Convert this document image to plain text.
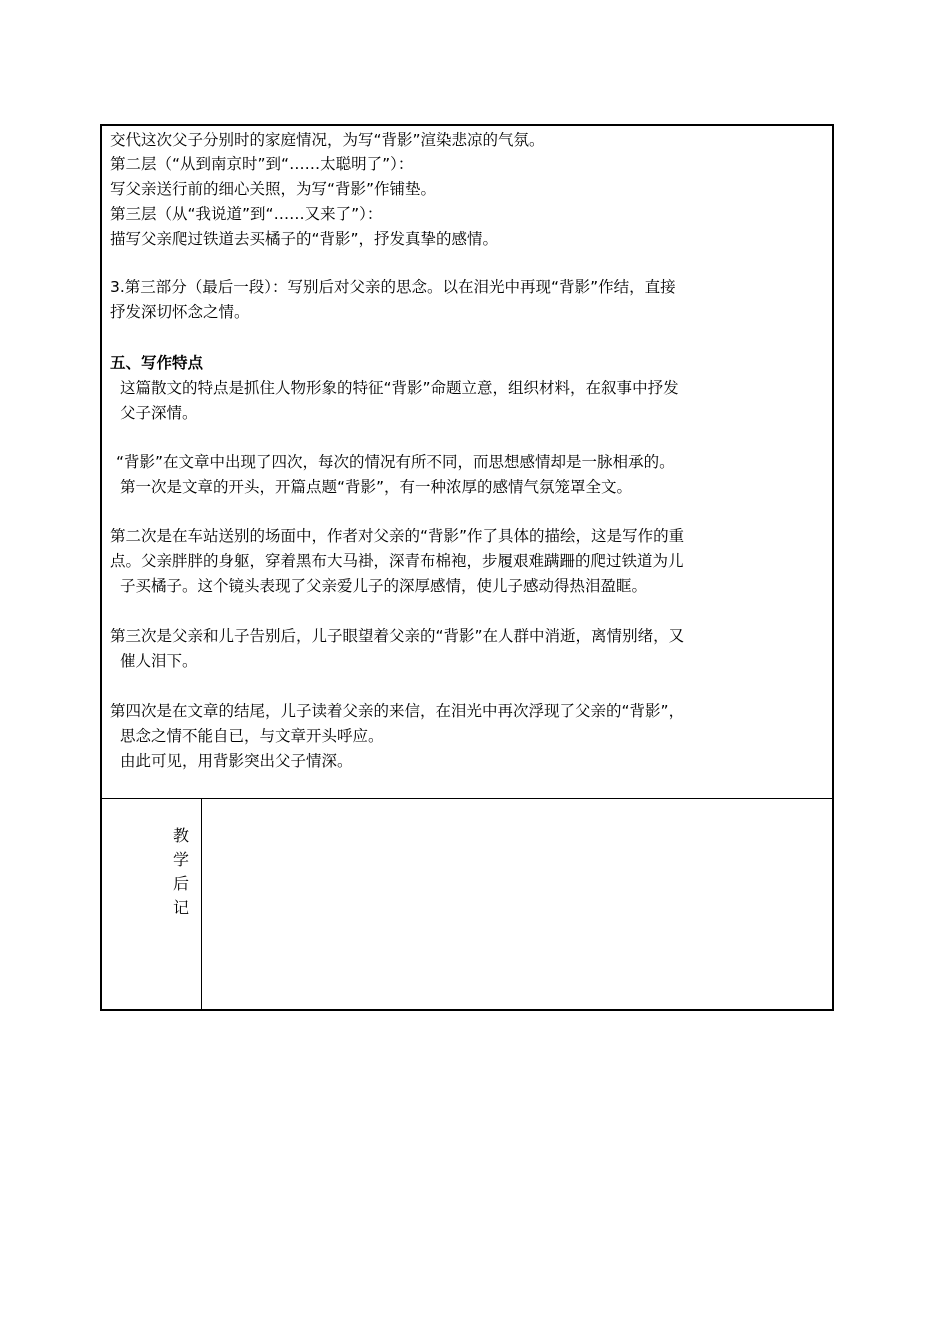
交代这次父子分别时的家庭情况，为写“背影”渲染悲凉的气氛。
第二层（“从到南京时”到“……太聪明了”）：
写父亲送行前的细心关照，为写“背影”作铺垫。
第三层（从“我说道”到“……又来了”）：
描写父亲爬过铁道去买橘子的“背影”，抒发真挚的感情。
3.第三部分（最后一段）：写别后对父亲的思念。以在泪光中再现“背影”作结，直接
抒发深切怀念之情。
五、写作特点
这篇散文的特点是抓住人物形象的特征“背影”命题立意，组织材料，在叙事中抒发
父子深情。
“背影”在文章中出现了四次，每次的情况有所不同，而思想感情却是一脉相承的。
第一次是文章的开头，开篇点题“背影”，有一种浓厚的感情气氛笼罩全文。
第二次是在车站送别的场面中，作者对父亲的“背影”作了具体的描绘，这是写作的重
点。父亲胖胖的身躯，穿着黑布大马褂，深青布棉袍，步履艰难蹒跚的爬过铁道为儿
子买橘子。这个镜头表现了父亲爱儿子的深厚感情，使儿子感动得热泪盈眶。
第三次是父亲和儿子告别后，儿子眼望着父亲的“背影”在人群中消逝，离情别绪，又
催人泪下。
第四次是在文章的结尾，儿子读着父亲的来信，在泪光中再次浮现了父亲的“背影”，
思念之情不能自已，与文章开头呼应。
由此可见，用背影突出父子情深。
教
学
后
记
